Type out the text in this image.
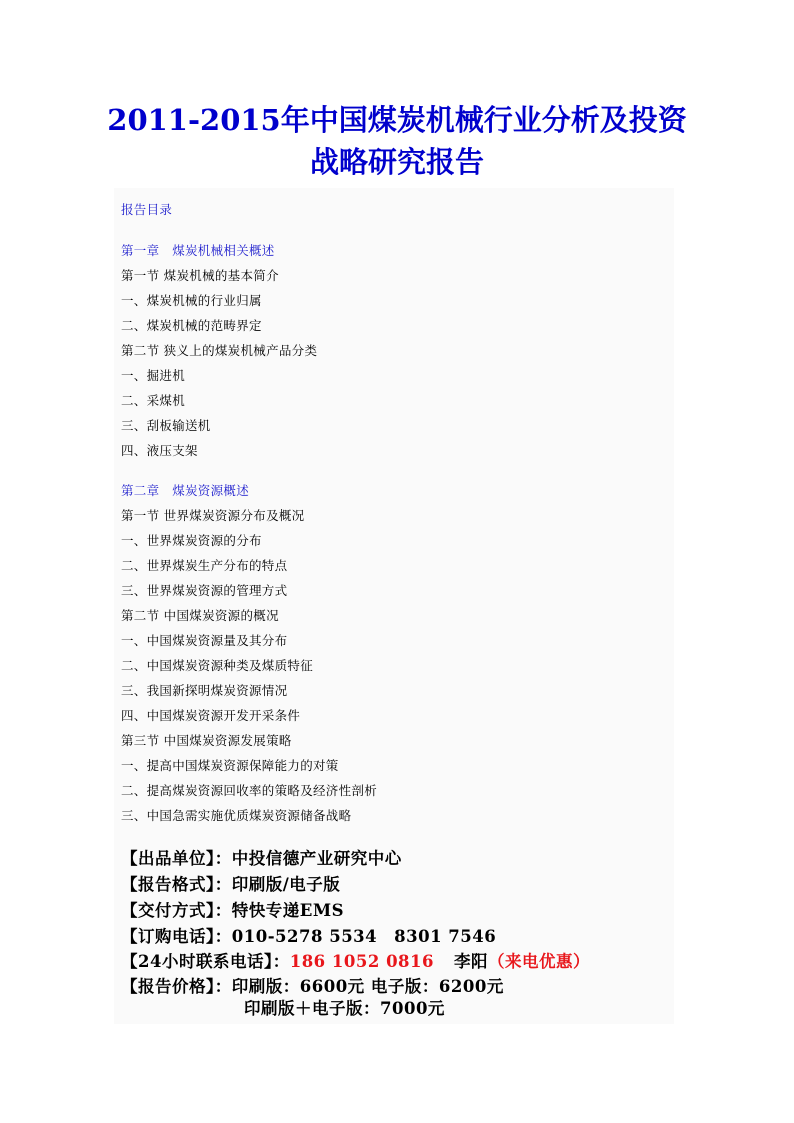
2011-2015年中国煤炭机械行业分析及投资
战略研究报告
报告目录
第一章　煤炭机械相关概述
第一节 煤炭机械的基本简介
一、煤炭机械的行业归属
二、煤炭机械的范畴界定
第二节 狭义上的煤炭机械产品分类
一、掘进机
二、采煤机
三、刮板输送机
四、液压支架
第二章　煤炭资源概述
第一节 世界煤炭资源分布及概况
一、世界煤炭资源的分布
二、世界煤炭生产分布的特点
三、世界煤炭资源的管理方式
第二节 中国煤炭资源的概况
一、中国煤炭资源量及其分布
二、中国煤炭资源种类及煤质特征
三、我国新探明煤炭资源情况
四、中国煤炭资源开发开采条件
第三节 中国煤炭资源发展策略
一、提高中国煤炭资源保障能力的对策
二、提高煤炭资源回收率的策略及经济性剖析
三、中国急需实施优质煤炭资源储备战略
【出品单位】：中投信德产业研究中心
【报告格式】：印刷版/电子版
【交付方式】：特快专递EMS
【订购电话】：010-5278 5534　8301 7546
【24小时联系电话】：186 1052 0816 李阳（来电优惠）
【报告价格】：印刷版：6600元 电子版：6200元
印刷版＋电子版：7000元
